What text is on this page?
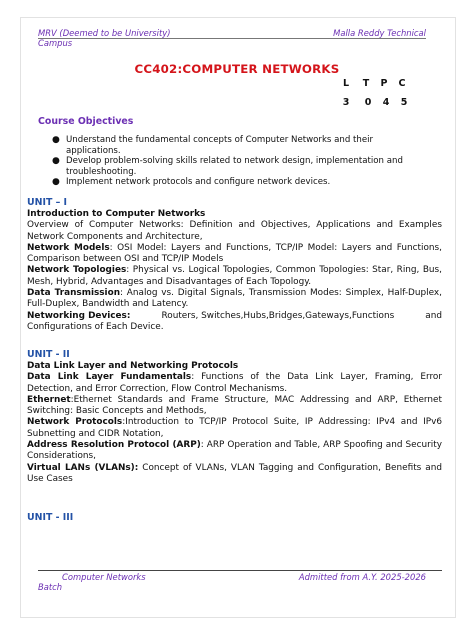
MRV (Deemed to be University)	Malla Reddy Technical
Campus
CC402:COMPUTER NETWORKS
L	T	P	C
3	0	4	5
Course Objectives
● Understand the fundamental concepts of Computer Networks and their applications.
● Develop problem-solving skills related to network design, implementation and troubleshooting.
● Implement network protocols and configure network devices.
UNIT – I

Introduction to Computer Networks

Overview of Computer Networks: Definition and Objectives, Applications and Examples Network Components and Architecture,

Network Models: OSI Model: Layers and Functions, TCP/IP Model: Layers and Functions, Comparison between OSI and TCP/IP Models

Network Topologies: Physical vs. Logical Topologies, Common Topologies: Star, Ring, Bus, Mesh, Hybrid, Advantages and Disadvantages of Each Topology.

Data Transmission: Analog vs. Digital Signals, Transmission Modes: Simplex, Half-Duplex, Full-Duplex, Bandwidth and Latency.

Networking Devices:	Routers, Switches,Hubs,Bridges,Gateways,Functions	and

Configurations of Each Device.

UNIT - II

Data Link Layer and Networking Protocols

Data Link Layer Fundamentals: Functions of the Data Link Layer, Framing, Error Detection, and Error Correction, Flow Control Mechanisms.

Ethernet:Ethernet Standards and Frame Structure, MAC Addressing and ARP, Ethernet Switching: Basic Concepts and Methods,

Network Protocols:Introduction to TCP/IP Protocol Suite, IP Addressing: IPv4 and IPv6 Subnetting and CIDR Notation,

Address Resolution Protocol (ARP): ARP Operation and Table, ARP Spoofing and Security Considerations,

Virtual LANs (VLANs): Concept of VLANs, VLAN Tagging and Configuration, Benefits and Use Cases

UNIT - III
Computer Networks	Admitted from A.Y. 2025-2026
Batch
